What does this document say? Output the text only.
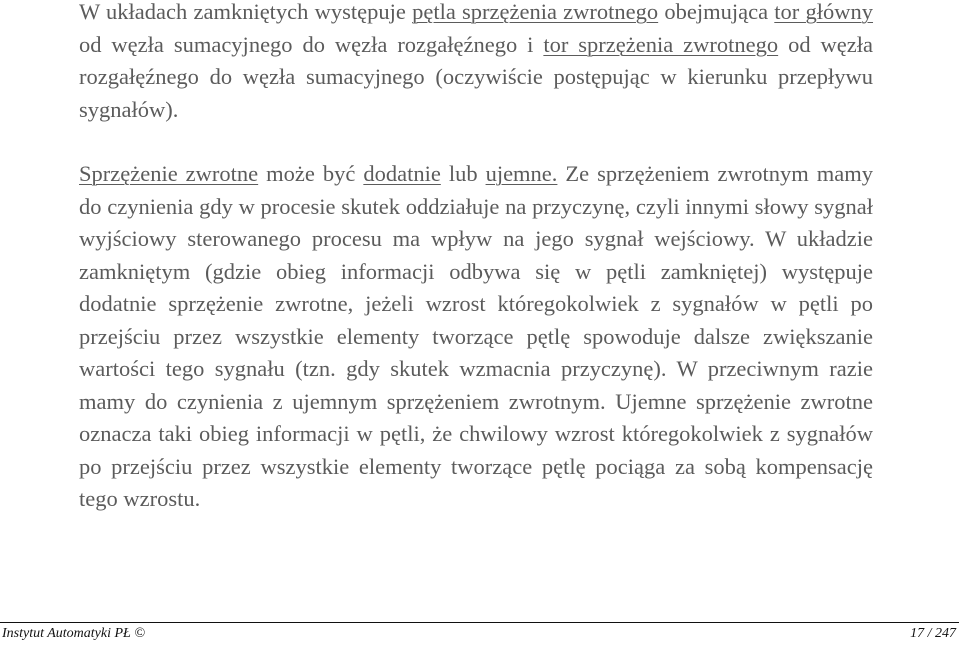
W układach zamkniętych występuje pętla sprzężenia zwrotnego obejmująca tor główny od węzła sumacyjnego do węzła rozgałęźnego i tor sprzężenia zwrotnego od węzła rozgałęźnego do węzła sumacyjnego (oczywiście postępując w kierunku przepływu sygnałów).

Sprzężenie zwrotne może być dodatnie lub ujemne. Ze sprzężeniem zwrotnym mamy do czynienia gdy w procesie skutek oddziałuje na przyczynę, czyli innymi słowy sygnał wyjściowy sterowanego procesu ma wpływ na jego sygnał wejściowy. W układzie zamkniętym (gdzie obieg informacji odbywa się w pętli zamkniętej) występuje dodatnie sprzężenie zwrotne, jeżeli wzrost któregokolwiek z sygnałów w pętli po przejściu przez wszystkie elementy tworzące pętlę spowoduje dalsze zwiększanie wartości tego sygnału (tzn. gdy skutek wzmacnia przyczynę). W przeciwnym razie mamy do czynienia z ujemnym sprzężeniem zwrotnym. Ujemne sprzężenie zwrotne oznacza taki obieg informacji w pętli, że chwilowy wzrost któregokolwiek z sygnałów po przejściu przez wszystkie elementy tworzące pętlę pociąga za sobą kompensację tego wzrostu.

Instytut Automatyki PŁ ©	17 / 247
